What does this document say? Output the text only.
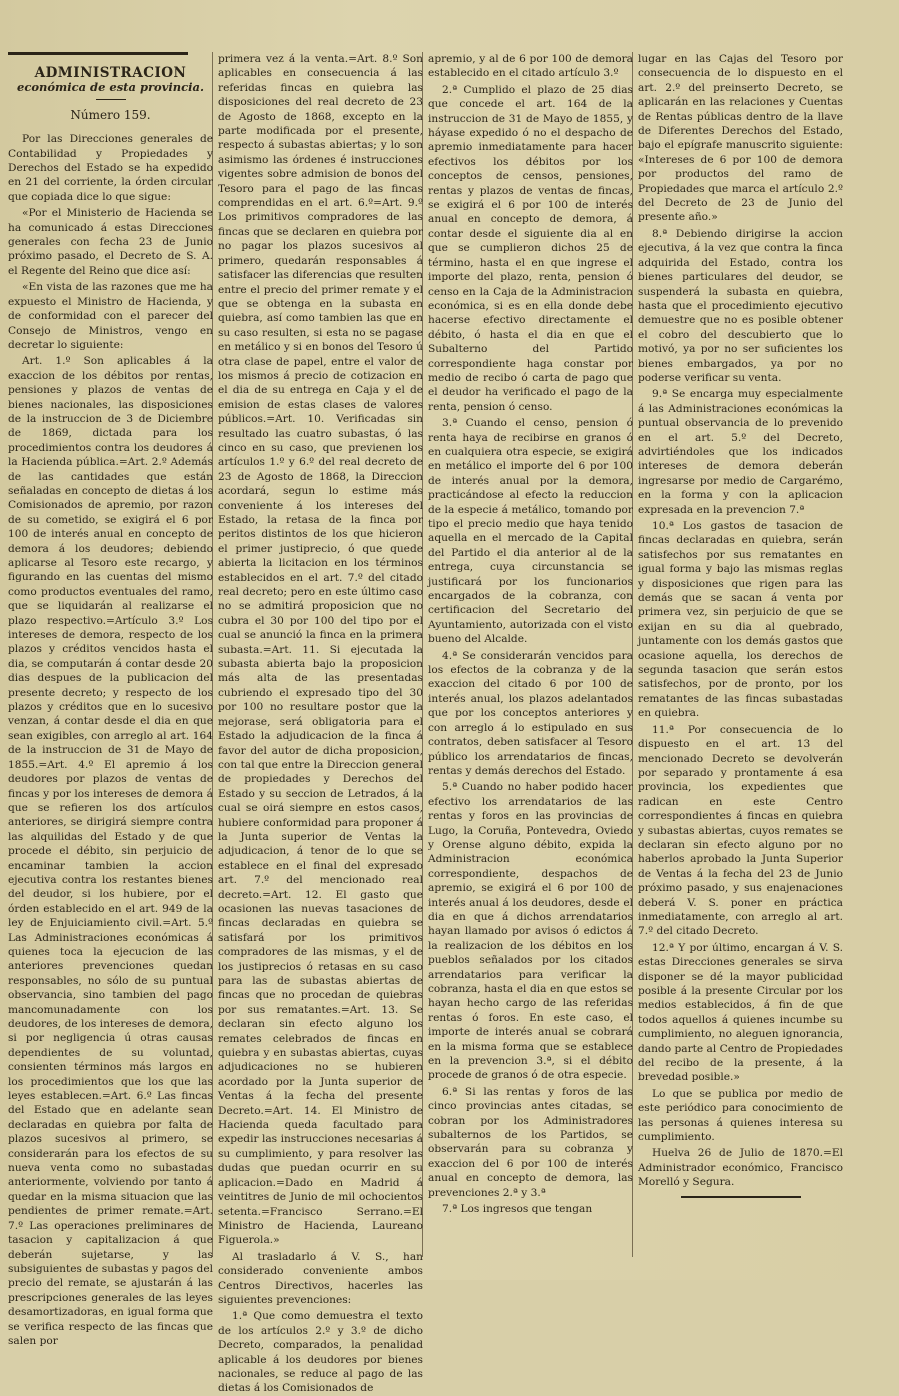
ADMINISTRACION
económica de esta provincia.
Número 159.

Por las Direcciones generales de Contabilidad y Propiedades y Derechos del Estado se ha expedido en 21 del corriente, la órden circular que copiada dice lo que sigue:

«Por el Ministerio de Hacienda se ha comunicado á estas Direcciones generales con fecha 23 de Junio próximo pasado, el Decreto de S. A. el Regente del Reino que dice así:

«En vista de las razones que me ha expuesto el Ministro de Hacienda, y de conformidad con el parecer del Consejo de Ministros, vengo en decretar lo siguiente:

Art. 1.º Son aplicables á la exaccion de los débitos por rentas, pensiones y plazos de ventas de bienes nacionales, las disposiciones de la instruccion de 3 de Diciembre de 1869, dictada para los procedimientos contra los deudores á la Hacienda pública.=Art. 2.º Además de las cantidades que están señaladas en concepto de dietas á los Comisionados de apremio, por razon de su cometido, se exigirá el 6 por 100 de interés anual en concepto de demora á los deudores; debiendo aplicarse al Tesoro este recargo, y figurando en las cuentas del mismo como productos eventuales del ramo, que se liquidarán al realizarse el plazo respectivo.=Artículo 3.º Los intereses de demora, respecto de los plazos y créditos vencidos hasta el dia, se computarán á contar desde 20 dias despues de la publicacion del presente decreto; y respecto de los plazos y créditos que en lo sucesivo venzan, á contar desde el dia en que sean exigibles, con arreglo al art. 164 de la instruccion de 31 de Mayo de 1855.=Art. 4.º El apremio á los deudores por plazos de ventas de fincas y por los intereses de demora á que se refieren los dos artículos anteriores, se dirigirá siempre contra las alquilidas del Estado y de que procede el débito, sin perjuicio de encaminar tambien la accion ejecutiva contra los restantes bienes del deudor, si los hubiere, por el órden establecido en el art. 949 de la ley de Enjuiciamiento civil.=Art. 5.º Las Administraciones económicas á quienes toca la ejecucion de las anteriores prevenciones quedan responsables, no sólo de su puntual observancia, sino tambien del pago mancomunadamente con los deudores, de los intereses de demora, si por negligencia ú otras causas dependientes de su voluntad, consienten términos más largos en los procedimientos que los que las leyes establecen.=Art. 6.º Las fincas del Estado que en adelante sean declaradas en quiebra por falta de plazos sucesivos al primero, se considerarán para los efectos de su nueva venta como no subastadas anteriormente, volviendo por tanto á quedar en la misma situacion que las pendientes de primer remate.=Art. 7.º Las operaciones preliminares de tasacion y capitalizacion á que deberán sujetarse, y las subsiguientes de subastas y pagos del precio del remate, se ajustarán á las prescripciones generales de las leyes desamortizadoras, en igual forma que se verifica respecto de las fincas que salen por

primera vez á la venta.=Art. 8.º Son aplicables en consecuencia á las referidas fincas en quiebra las disposiciones del real decreto de 23 de Agosto de 1868, excepto en la parte modificada por el presente, respecto á subastas abiertas; y lo son asimismo las órdenes é instrucciones vigentes sobre admision de bonos del Tesoro para el pago de las fincas comprendidas en el art. 6.º=Art. 9.º Los primitivos compradores de las fincas que se declaren en quiebra por no pagar los plazos sucesivos al primero, quedarán responsables á satisfacer las diferencias que resulten entre el precio del primer remate y el que se obtenga en la subasta en quiebra, así como tambien las que en su caso resulten, si esta no se pagase en metálico y si en bonos del Tesoro ú otra clase de papel, entre el valor de los mismos á precio de cotizacion en el dia de su entrega en Caja y el de emision de estas clases de valores públicos.=Art. 10. Verificadas sin resultado las cuatro subastas, ó las cinco en su caso, que previenen los artículos 1.º y 6.º del real decreto de 23 de Agosto de 1868, la Direccion acordará, segun lo estime más conveniente á los intereses del Estado, la retasa de la finca por peritos distintos de los que hicieron el primer justiprecio, ó que quede abierta la licitacion en los términos establecidos en el art. 7.º del citado real decreto; pero en este último caso no se admitirá proposicion que no cubra el 30 por 100 del tipo por el cual se anunció la finca en la primera subasta.=Art. 11. Si ejecutada la subasta abierta bajo la proposicion más alta de las presentadas cubriendo el expresado tipo del 30 por 100 no resultare postor que la mejorase, será obligatoria para el Estado la adjudicacion de la finca á favor del autor de dicha proposicion, con tal que entre la Direccion general de propiedades y Derechos del Estado y su seccion de Letrados, á la cual se oirá siempre en estos casos, hubiere conformidad para proponer á la Junta superior de Ventas la adjudicacion, á tenor de lo que se establece en el final del expresado art. 7.º del mencionado real decreto.=Art. 12. El gasto que ocasionen las nuevas tasaciones de fincas declaradas en quiebra se satisfará por los primitivos compradores de las mismas, y el de los justiprecios ó retasas en su caso para las de subastas abiertas de fincas que no procedan de quiebras por sus rematantes.=Art. 13. Se declaran sin efecto alguno los remates celebrados de fincas en quiebra y en subastas abiertas, cuyas adjudicaciones no se hubieren acordado por la Junta superior de Ventas á la fecha del presente Decreto.=Art. 14. El Ministro de Hacienda queda facultado para expedir las instrucciones necesarias á su cumplimiento, y para resolver las dudas que puedan ocurrir en su aplicacion.=Dado en Madrid á veintitres de Junio de mil ochocientos setenta.=Francisco Serrano.=El Ministro de Hacienda, Laureano Figuerola.»

Al trasladarlo á V. S., han considerado conveniente ambos Centros Directivos, hacerles las siguientes prevenciones:

1.ª Que como demuestra el texto de los artículos 2.º y 3.º de dicho Decreto, comparados, la penalidad aplicable á los deudores por bienes nacionales, se reduce al pago de las dietas á los Comisionados de

apremio, y al de 6 por 100 de demora establecido en el citado artículo 3.º

2.ª Cumplido el plazo de 25 dias que concede el art. 164 de la instruccion de 31 de Mayo de 1855, y háyase expedido ó no el despacho de apremio inmediatamente para hacer efectivos los débitos por los conceptos de censos, pensiones, rentas y plazos de ventas de fincas, se exigirá el 6 por 100 de interés anual en concepto de demora, á contar desde el siguiente dia al en que se cumplieron dichos 25 de término, hasta el en que ingrese el importe del plazo, renta, pension ó censo en la Caja de la Administracion económica, si es en ella donde debe hacerse efectivo directamente el débito, ó hasta el dia en que el Subalterno del Partido correspondiente haga constar por medio de recibo ó carta de pago que el deudor ha verificado el pago de la renta, pension ó censo.

3.ª Cuando el censo, pension ó renta haya de recibirse en granos ó en cualquiera otra especie, se exigirá en metálico el importe del 6 por 100 de interés anual por la demora, practicándose al efecto la reduccion de la especie á metálico, tomando por tipo el precio medio que haya tenido aquella en el mercado de la Capital del Partido el dia anterior al de la entrega, cuya circunstancia se justificará por los funcionarios encargados de la cobranza, con certificacion del Secretario del Ayuntamiento, autorizada con el visto bueno del Alcalde.

4.ª Se considerarán vencidos para los efectos de la cobranza y de la exaccion del citado 6 por 100 de interés anual, los plazos adelantados que por los conceptos anteriores y con arreglo á lo estipulado en sus contratos, deben satisfacer al Tesoro público los arrendatarios de fincas, rentas y demás derechos del Estado.

5.ª Cuando no haber podido hacer efectivo los arrendatarios de las rentas y foros en las provincias de Lugo, la Coruña, Pontevedra, Oviedo y Orense alguno débito, expida la Administracion económica correspondiente, despachos de apremio, se exigirá el 6 por 100 de interés anual á los deudores, desde el dia en que á dichos arrendatarios hayan llamado por avisos ó edictos á la realizacion de los débitos en los pueblos señalados por los citados arrendatarios para verificar la cobranza, hasta el dia en que estos se hayan hecho cargo de las referidas rentas ó foros. En este caso, el importe de interés anual se cobrará en la misma forma que se establece en la prevencion 3.ª, si el débito procede de granos ó de otra especie.

6.ª Si las rentas y foros de las cinco provincias antes citadas, se cobran por los Administradores subalternos de los Partidos, se observarán para su cobranza y exaccion del 6 por 100 de interés anual en concepto de demora, las prevenciones 2.ª y 3.ª

7.ª Los ingresos que tengan

lugar en las Cajas del Tesoro por consecuencia de lo dispuesto en el art. 2.º del preinserto Decreto, se aplicarán en las relaciones y Cuentas de Rentas públicas dentro de la llave de Diferentes Derechos del Estado, bajo el epígrafe manuscrito siguiente: «Intereses de 6 por 100 de demora por productos del ramo de Propiedades que marca el artículo 2.º del Decreto de 23 de Junio del presente año.»

8.ª Debiendo dirigirse la accion ejecutiva, á la vez que contra la finca adquirida del Estado, contra los bienes particulares del deudor, se suspenderá la subasta en quiebra, hasta que el procedimiento ejecutivo demuestre que no es posible obtener el cobro del descubierto que lo motivó, ya por no ser suficientes los bienes embargados, ya por no poderse verificar su venta.

9.ª Se encarga muy especialmente á las Administraciones económicas la puntual observancia de lo prevenido en el art. 5.º del Decreto, advirtiéndoles que los indicados intereses de demora deberán ingresarse por medio de Cargarémo, en la forma y con la aplicacion expresada en la prevencion 7.ª

10.ª Los gastos de tasacion de fincas declaradas en quiebra, serán satisfechos por sus rematantes en igual forma y bajo las mismas reglas y disposiciones que rigen para las demás que se sacan á venta por primera vez, sin perjuicio de que se exijan en su dia al quebrado, juntamente con los demás gastos que ocasione aquella, los derechos de segunda tasacion que serán estos satisfechos, por de pronto, por los rematantes de las fincas subastadas en quiebra.

11.ª Por consecuencia de lo dispuesto en el art. 13 del mencionado Decreto se devolverán por separado y prontamente á esa provincia, los expedientes que radican en este Centro correspondientes á fincas en quiebra y subastas abiertas, cuyos remates se declaran sin efecto alguno por no haberlos aprobado la Junta Superior de Ventas á la fecha del 23 de Junio próximo pasado, y sus enajenaciones deberá V. S. poner en práctica inmediatamente, con arreglo al art. 7.º del citado Decreto.

12.ª Y por último, encargan á V. S. estas Direcciones generales se sirva disponer se dé la mayor publicidad posible á la presente Circular por los medios establecidos, á fin de que todos aquellos á quienes incumbe su cumplimiento, no aleguen ignorancia, dando parte al Centro de Propiedades del recibo de la presente, á la brevedad posible.»

Lo que se publica por medio de este periódico para conocimiento de las personas á quienes interesa su cumplimiento.

Huelva 26 de Julio de 1870.=El Administrador económico, Francisco Morelló y Segura.
